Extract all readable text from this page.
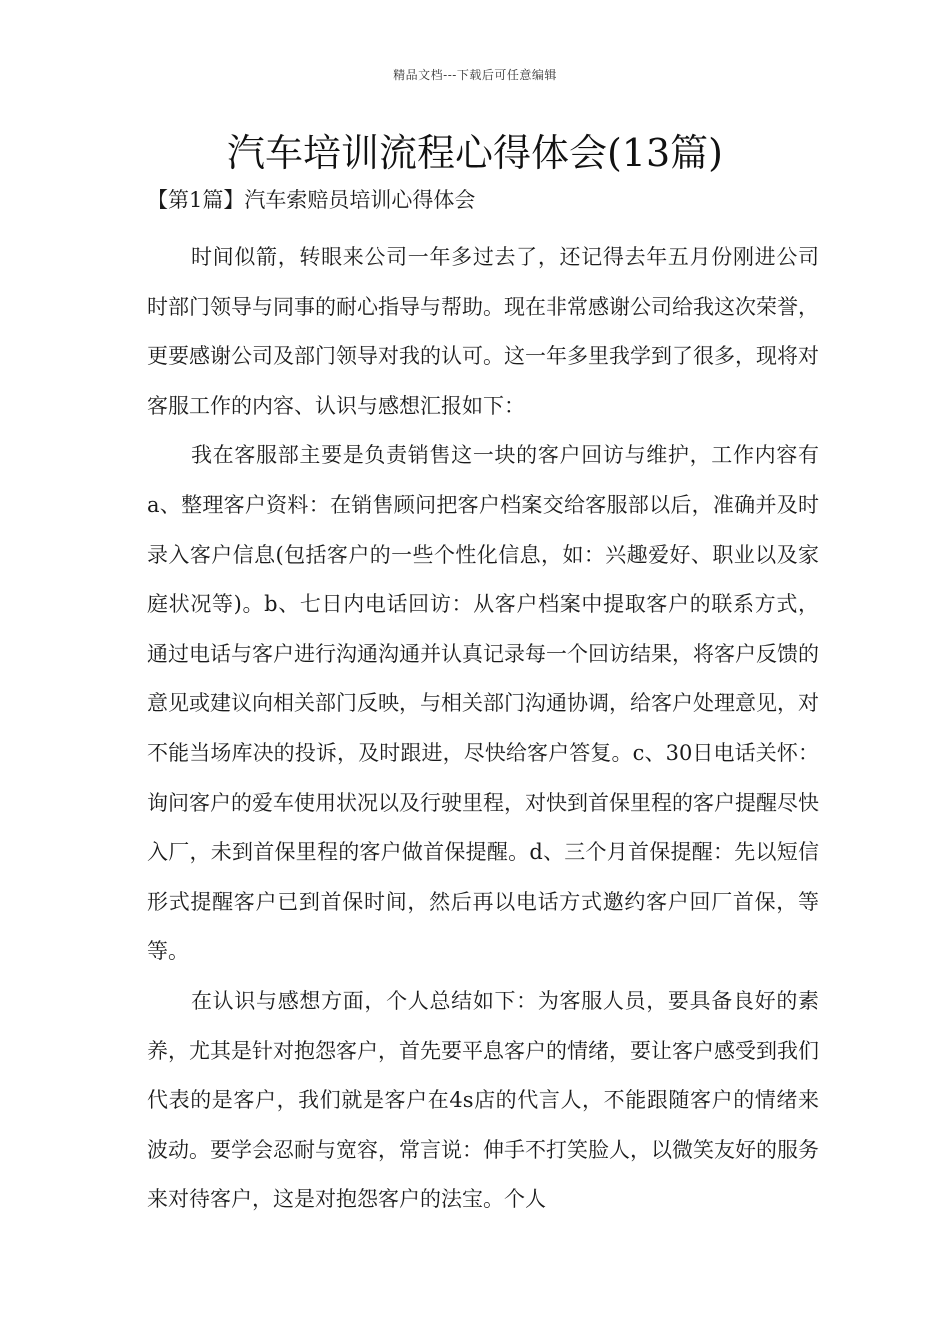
精品文档---下载后可任意编辑
汽车培训流程心得体会(13篇)
【第1篇】汽车索赔员培训心得体会

时间似箭，转眼来公司一年多过去了，还记得去年五月份刚进公司时部门领导与同事的耐心指导与帮助。现在非常感谢公司给我这次荣誉，更要感谢公司及部门领导对我的认可。这一年多里我学到了很多，现将对客服工作的内容、认识与感想汇报如下：

我在客服部主要是负责销售这一块的客户回访与维护，工作内容有a、整理客户资料：在销售顾问把客户档案交给客服部以后，准确并及时录入客户信息(包括客户的一些个性化信息，如：兴趣爱好、职业以及家庭状况等)。b、七日内电话回访：从客户档案中提取客户的联系方式，通过电话与客户进行沟通沟通并认真记录每一个回访结果，将客户反馈的意见或建议向相关部门反映，与相关部门沟通协调，给客户处理意见，对不能当场库决的投诉，及时跟进，尽快给客户答复。c、30日电话关怀：询问客户的爱车使用状况以及行驶里程，对快到首保里程的客户提醒尽快入厂，未到首保里程的客户做首保提醒。d、三个月首保提醒：先以短信形式提醒客户已到首保时间，然后再以电话方式邀约客户回厂首保，等等。

在认识与感想方面，个人总结如下：为客服人员，要具备良好的素养，尤其是针对抱怨客户，首先要平息客户的情绪，要让客户感受到我们代表的是客户，我们就是客户在4s店的代言人，不能跟随客户的情绪来波动。要学会忍耐与宽容，常言说：伸手不打笑脸人，以微笑友好的服务来对待客户，这是对抱怨客户的法宝。个人
